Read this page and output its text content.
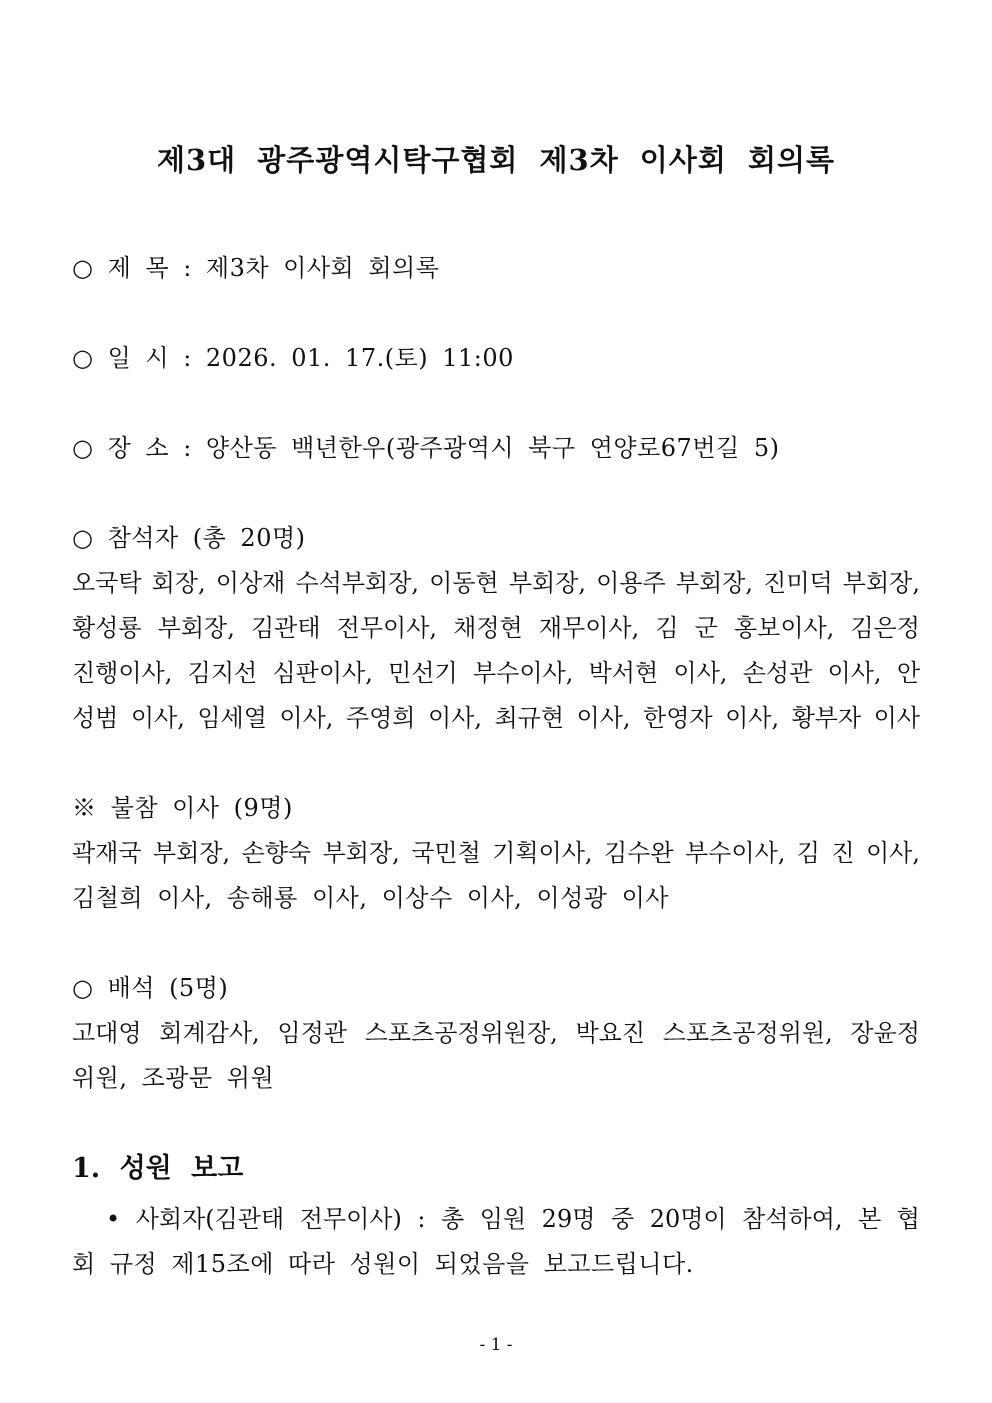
제3대 광주광역시탁구협회 제3차 이사회 회의록
○ 제 목 : 제3차 이사회 회의록
○ 일 시 : 2026. 01. 17.(토) 11:00
○ 장 소 : 양산동 백년한우(광주광역시 북구 연양로67번길 5)
○ 참석자 (총 20명)
오국탁 회장, 이상재 수석부회장, 이동현 부회장, 이용주 부회장, 진미덕 부회장,
황성룡 부회장, 김관태 전무이사, 채정현 재무이사, 김 군 홍보이사, 김은정
진행이사, 김지선 심판이사, 민선기 부수이사, 박서현 이사, 손성관 이사, 안
성범 이사, 임세열 이사, 주영희 이사, 최규현 이사, 한영자 이사, 황부자 이사
※ 불참 이사 (9명)
곽재국 부회장, 손향숙 부회장, 국민철 기획이사, 김수완 부수이사, 김 진 이사,
김철희 이사, 송해룡 이사, 이상수 이사, 이성광 이사
○ 배석 (5명)
고대영 회계감사, 임정관 스포츠공정위원장, 박요진 스포츠공정위원, 장윤정
위원, 조광문 위원
1. 성원 보고
• 사회자(김관태 전무이사) : 총 임원 29명 중 20명이 참석하여, 본 협
회 규정 제15조에 따라 성원이 되었음을 보고드립니다.
- 1 -
